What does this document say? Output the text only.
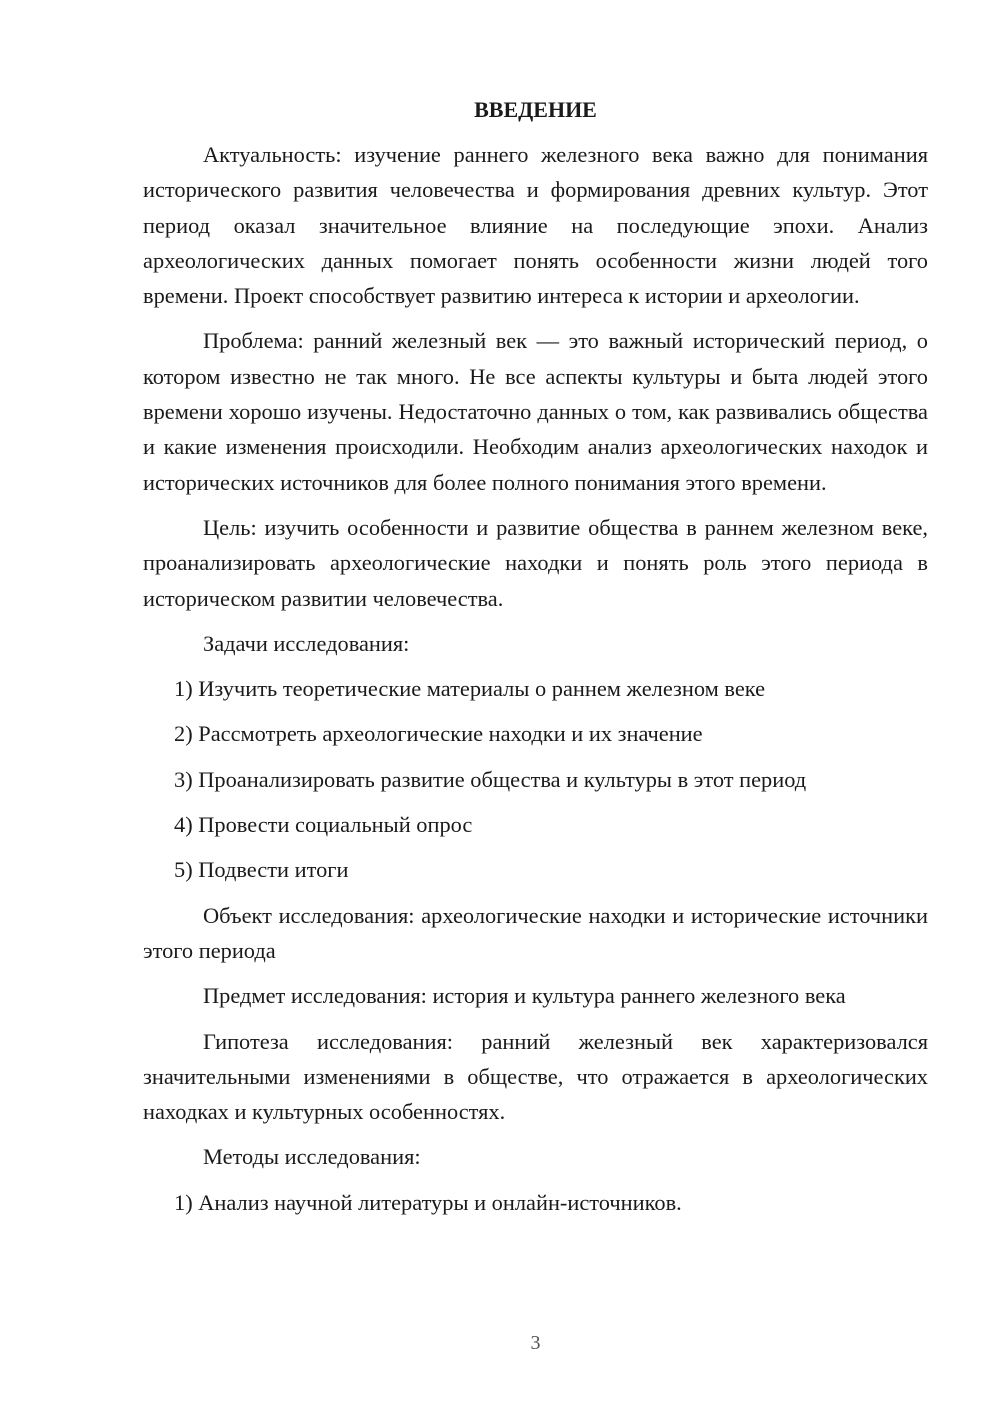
ВВЕДЕНИЕ

Актуальность: изучение раннего железного века важно для понимания исторического развития человечества и формирования древних культур. Этот период оказал значительное влияние на последующие эпохи. Анализ археологических данных помогает понять особенности жизни людей того времени. Проект способствует развитию интереса к истории и археологии.

Проблема: ранний железный век — это важный исторический период, о котором известно не так много. Не все аспекты культуры и быта людей этого времени хорошо изучены. Недостаточно данных о том, как развивались общества и какие изменения происходили. Необходим анализ археологических находок и исторических источников для более полного понимания этого времени.

Цель: изучить особенности и развитие общества в раннем железном веке, проанализировать археологические находки и понять роль этого периода в историческом развитии человечества.

Задачи исследования:

1) Изучить теоретические материалы о раннем железном веке
2) Рассмотреть археологические находки и их значение
3) Проанализировать развитие общества и культуры в этот период
4) Провести социальный опрос
5) Подвести итоги

Объект исследования: археологические находки и исторические источники этого периода

Предмет исследования: история и культура раннего железного века

Гипотеза исследования: ранний железный век характеризовался значительными изменениями в обществе, что отражается в археологических находках и культурных особенностях.

Методы исследования:

1) Анализ научной литературы и онлайн-источников.
3
